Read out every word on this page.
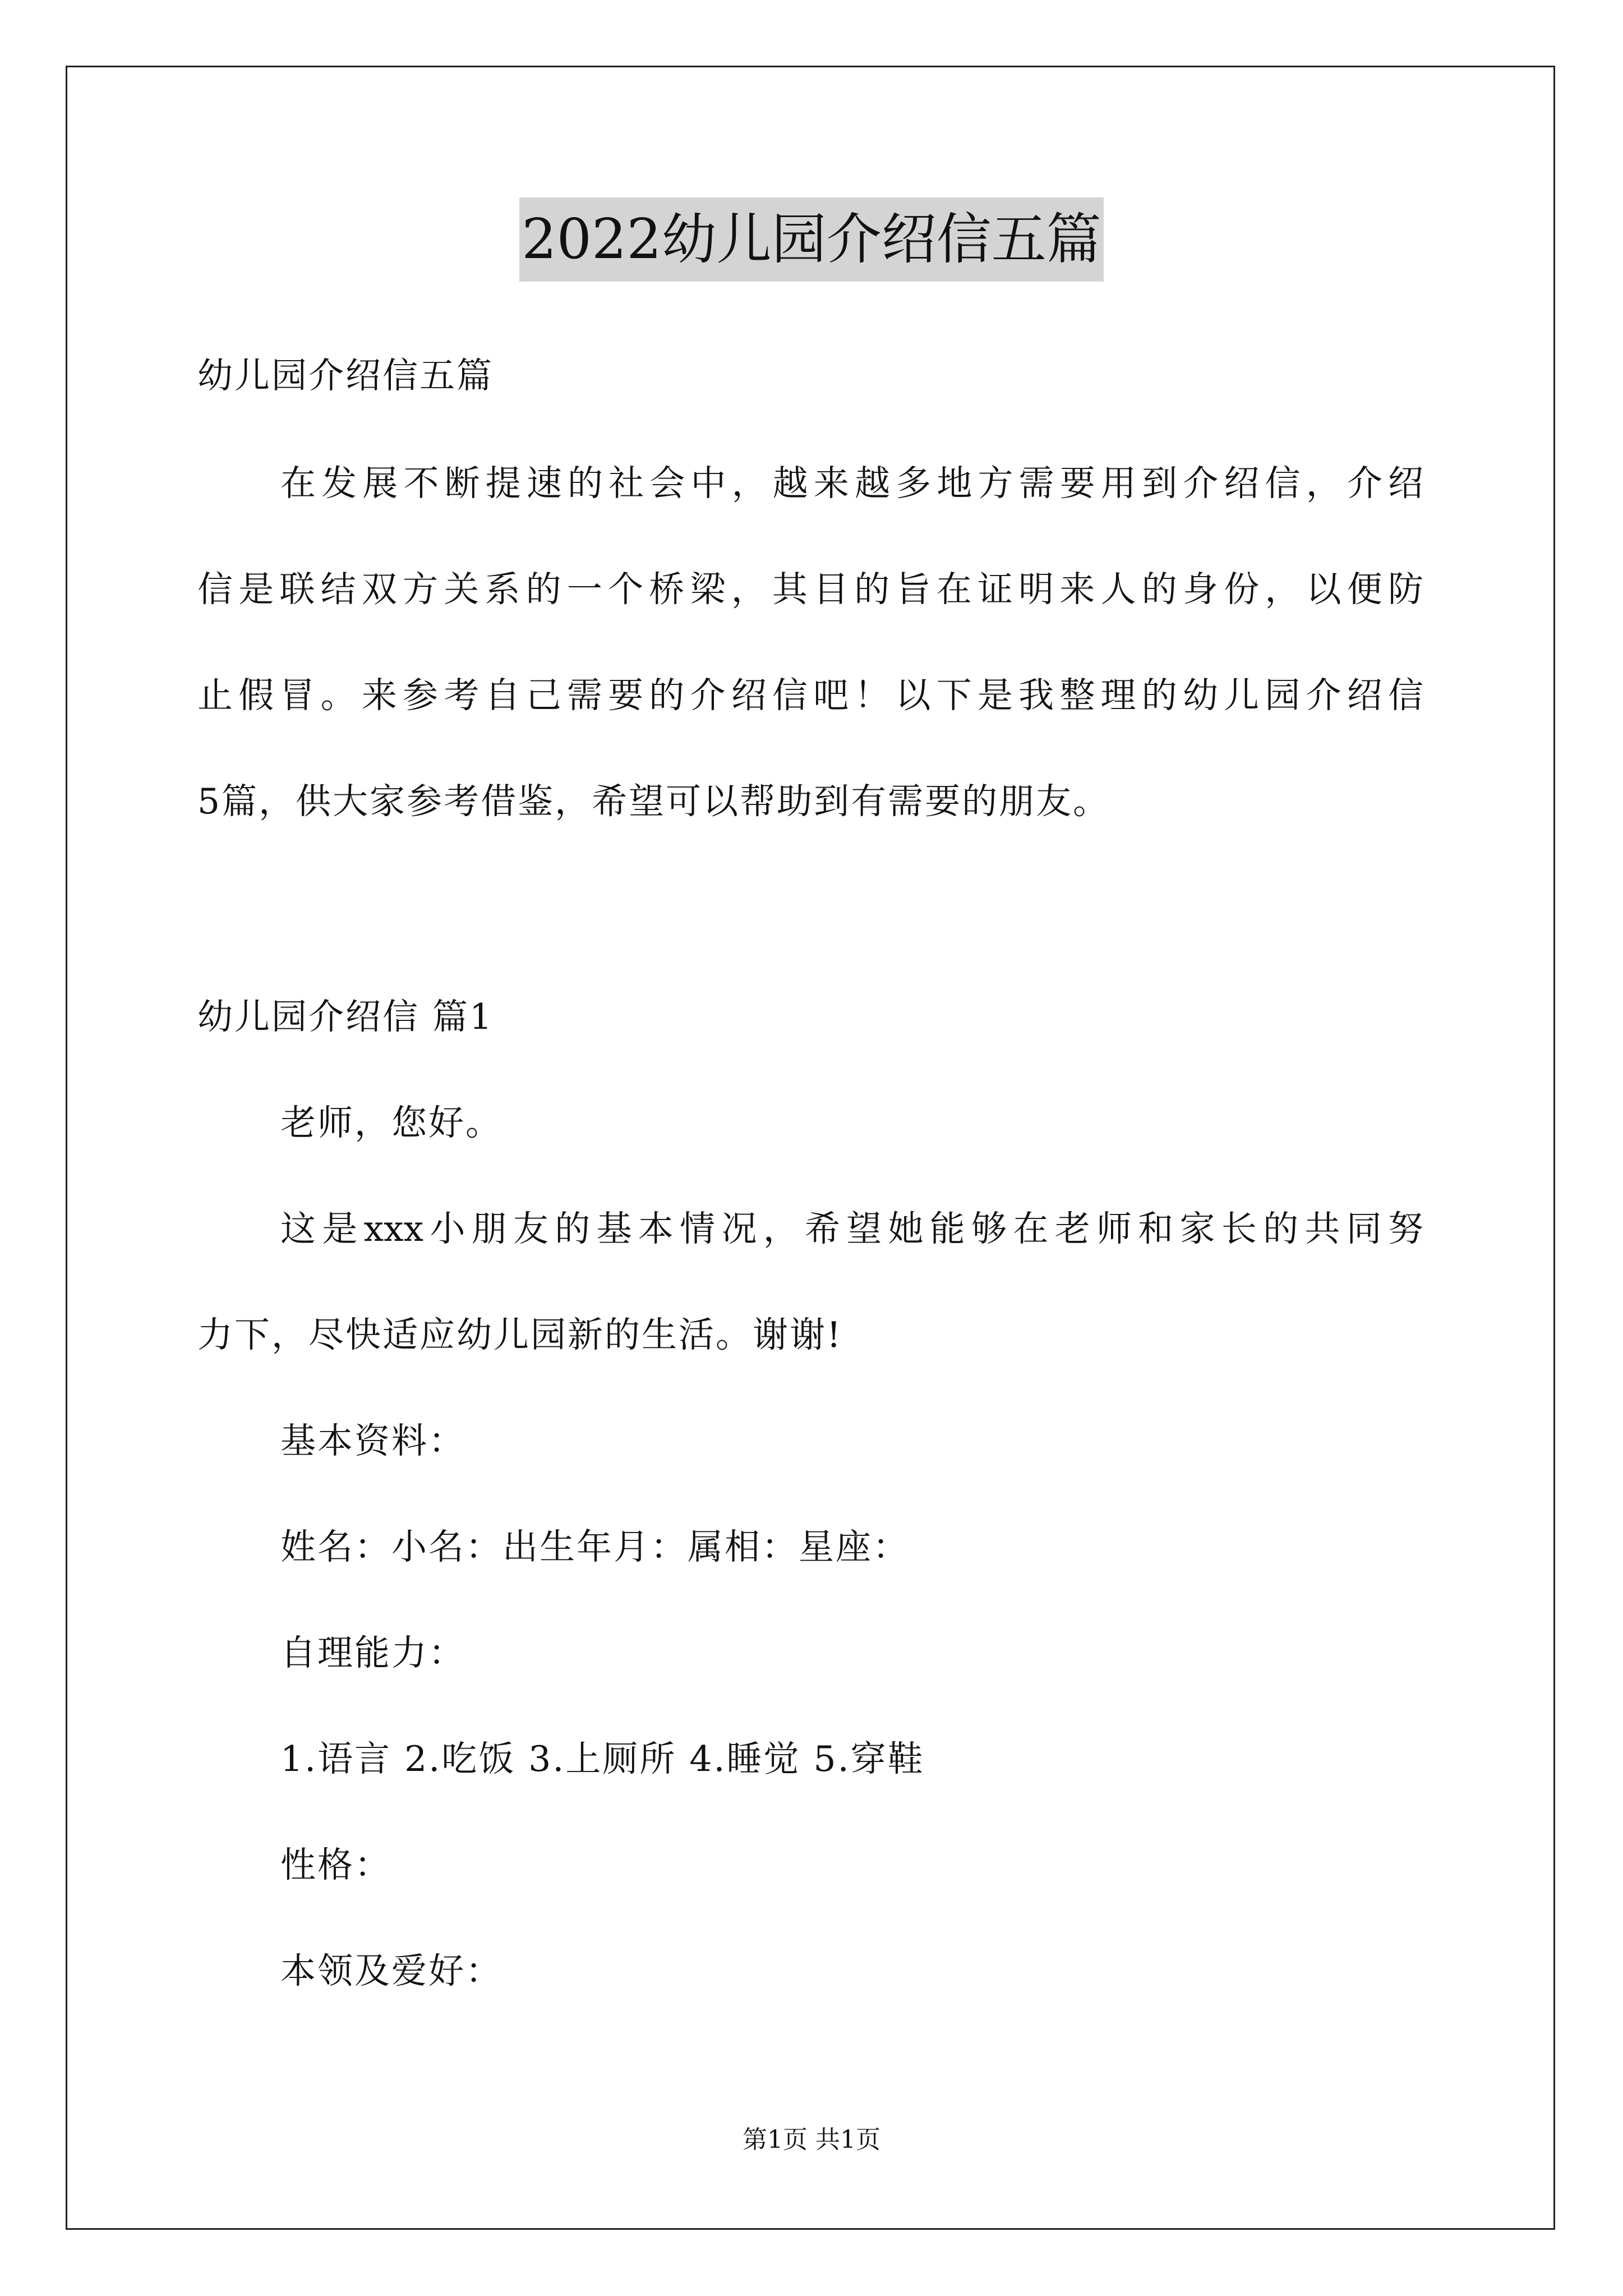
2022幼儿园介绍信五篇
幼儿园介绍信五篇
在发展不断提速的社会中，越来越多地方需要用到介绍信，介绍
信是联结双方关系的一个桥梁，其目的旨在证明来人的身份，以便防
止假冒。来参考自己需要的介绍信吧！以下是我整理的幼儿园介绍信
5篇，供大家参考借鉴，希望可以帮助到有需要的朋友。
幼儿园介绍信 篇1
老师，您好。
这是xxx小朋友的基本情况，希望她能够在老师和家长的共同努
力下，尽快适应幼儿园新的生活。谢谢!
基本资料：
姓名：小名：出生年月：属相：星座：
自理能力：
1.语言 2.吃饭 3.上厕所 4.睡觉 5.穿鞋
性格：
本领及爱好：
第1页 共1页
